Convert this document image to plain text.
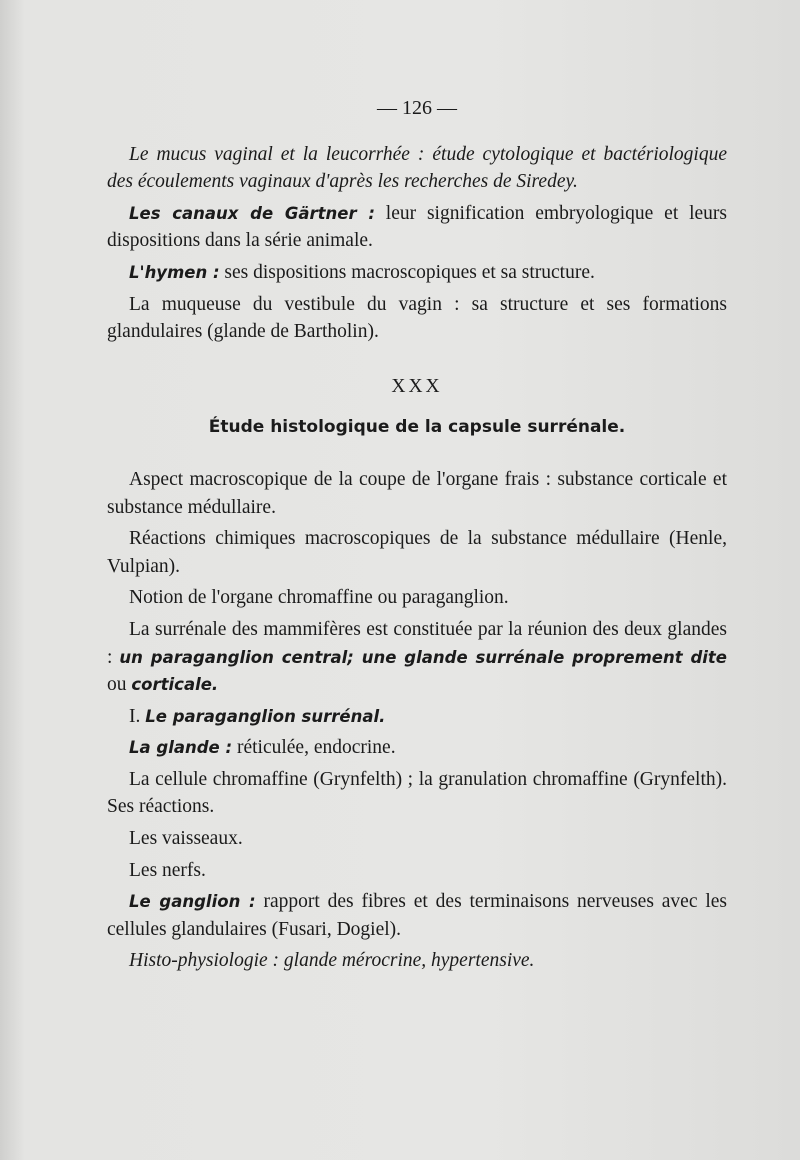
— 126 —

Le mucus vaginal et la leucorrhée : étude cytologique et bactériologique des écoulements vaginaux d'après les recherches de Siredey.

Les canaux de Gärtner : leur signification embryologique et leurs dispositions dans la série animale.

L'hymen : ses dispositions macroscopiques et sa structure.

La muqueuse du vestibule du vagin : sa structure et ses formations glandulaires (glande de Bartholin).

XXX
Étude histologique de la capsule surrénale.

Aspect macroscopique de la coupe de l'organe frais : substance corticale et substance médullaire.

Réactions chimiques macroscopiques de la substance médullaire (Henle, Vulpian).

Notion de l'organe chromaffine ou paraganglion.

La surrénale des mammifères est constituée par la réunion des deux glandes : un paraganglion central; une glande surrénale proprement dite ou corticale.

I. Le paraganglion surrénal.

La glande : réticulée, endocrine.

La cellule chromaffine (Grynfelth) ; la granulation chromaffine (Grynfelth). Ses réactions.

Les vaisseaux.

Les nerfs.

Le ganglion : rapport des fibres et des terminaisons nerveuses avec les cellules glandulaires (Fusari, Dogiel).

Histo-physiologie : glande mérocrine, hypertensive.
